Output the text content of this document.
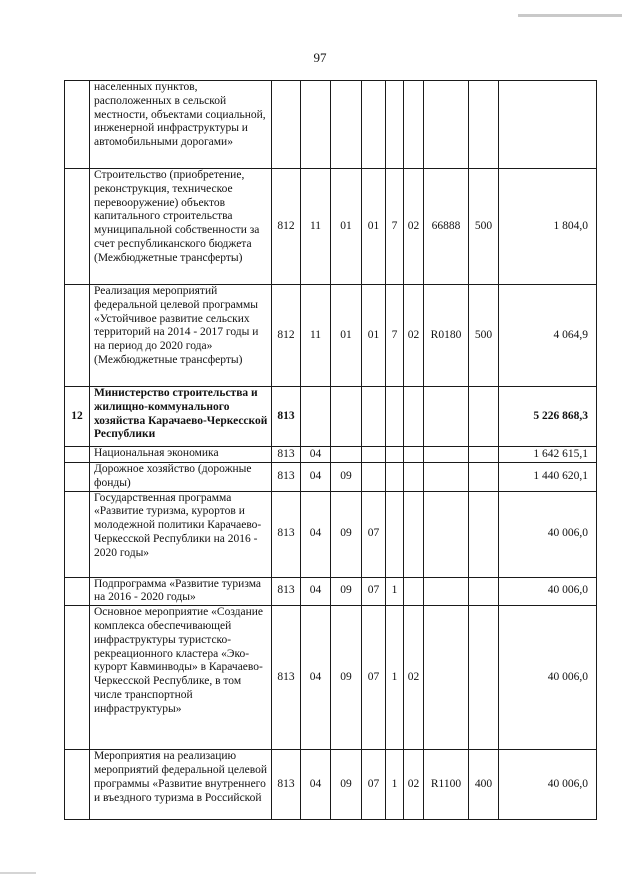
97
	населенных пунктов, расположенных в сельской местности, объектами социальной, инженерной инфраструктуры и автомобильными дорогами»									
	Строительство (приобретение, реконструкция, техническое перевооружение) объектов капитального строительства муниципальной собственности за счет республиканского бюджета (Межбюджетные трансферты)	812	11	01	01	7	02	66888	500	1 804,0
	Реализация мероприятий федеральной целевой программы «Устойчивое развитие сельских территорий на 2014 - 2017 годы и на период до 2020 года» (Межбюджетные трансферты)	812	11	01	01	7	02	R0180	500	4 064,9
12	Министерство строительства и жилищно-коммунального хозяйства Карачаево-Черкесской Республики	813								5 226 868,3
	Национальная экономика	813	04							1 642 615,1
	Дорожное хозяйство (дорожные фонды)	813	04	09						1 440 620,1
	Государственная программа «Развитие туризма, курортов и молодежной политики Карачаево-Черкесской Республики на 2016 - 2020 годы»	813	04	09	07					40 006,0
	Подпрограмма «Развитие туризма на 2016 - 2020 годы»	813	04	09	07	1				40 006,0
	Основное мероприятие «Создание комплекса обеспечивающей инфраструктуры туристско-рекреационного кластера «Эко-курорт Кавминводы» в Карачаево-Черкесской Республике, в том числе транспортной инфраструктуры»	813	04	09	07	1	02			40 006,0
	Мероприятия на реализацию мероприятий федеральной целевой программы «Развитие внутреннего и въездного туризма в Российской	813	04	09	07	1	02	R1100	400	40 006,0
